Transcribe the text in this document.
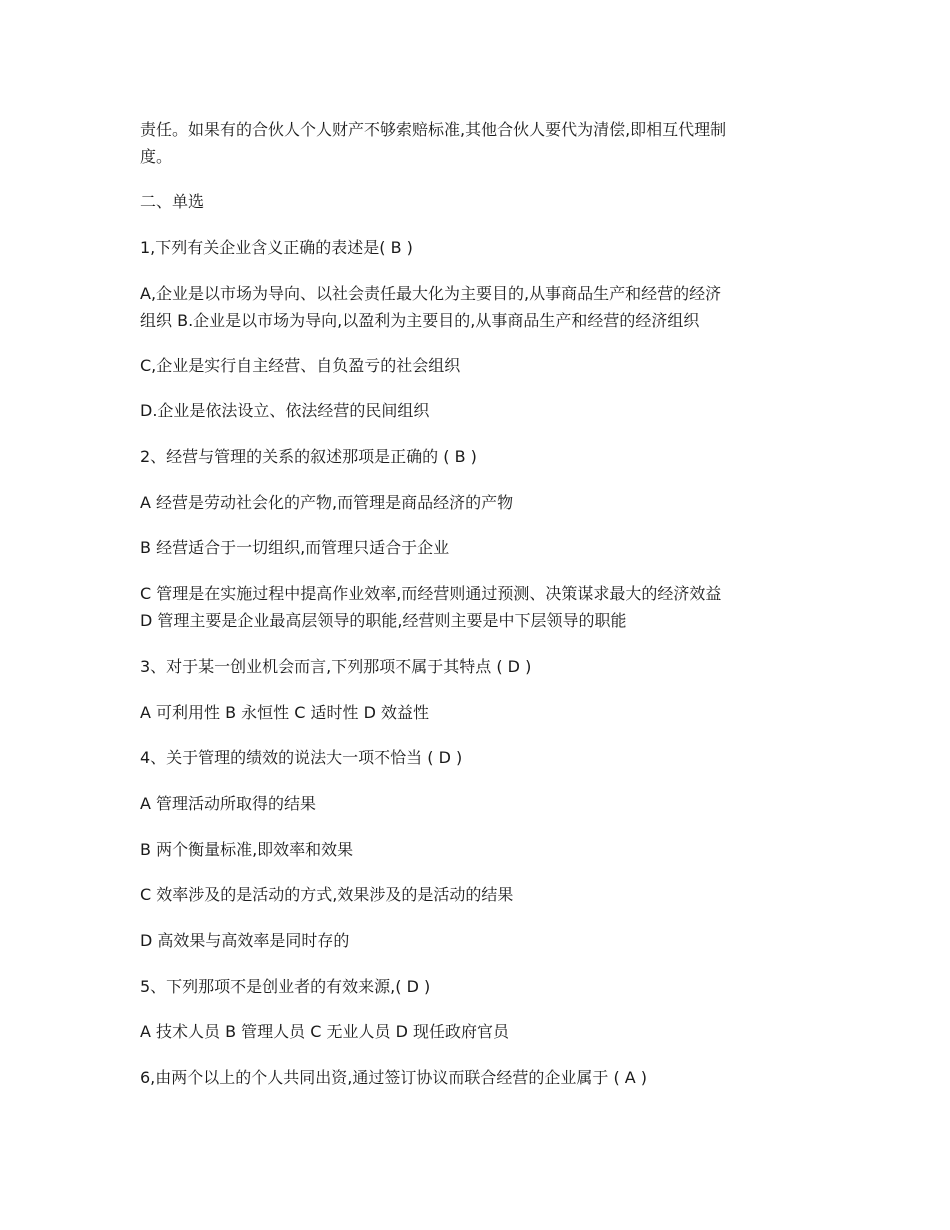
责任。如果有的合伙人个人财产不够索赔标准,其他合伙人要代为清偿,即相互代理制
度。

二、单选

1,下列有关企业含义正确的表述是( B )

A,企业是以市场为导向、以社会责任最大化为主要目的,从事商品生产和经营的经济
组织 B.企业是以市场为导向,以盈利为主要目的,从事商品生产和经营的经济组织

C,企业是实行自主经营、自负盈亏的社会组织

D.企业是依法设立、依法经营的民间组织

2、经营与管理的关系的叙述那项是正确的 ( B )

A 经营是劳动社会化的产物,而管理是商品经济的产物

B 经营适合于一切组织,而管理只适合于企业

C 管理是在实施过程中提高作业效率,而经营则通过预测、决策谋求最大的经济效益
D 管理主要是企业最高层领导的职能,经营则主要是中下层领导的职能

3、对于某一创业机会而言,下列那项不属于其特点 ( D )

A 可利用性 B 永恒性 C 适时性 D 效益性

4、关于管理的绩效的说法大一项不恰当 ( D )

A 管理活动所取得的结果

B 两个衡量标准,即效率和效果

C 效率涉及的是活动的方式,效果涉及的是活动的结果

D 高效果与高效率是同时存的

5、下列那项不是创业者的有效来源,( D )

A 技术人员 B 管理人员 C 无业人员 D 现任政府官员

6,由两个以上的个人共同出资,通过签订协议而联合经营的企业属于 ( A )
